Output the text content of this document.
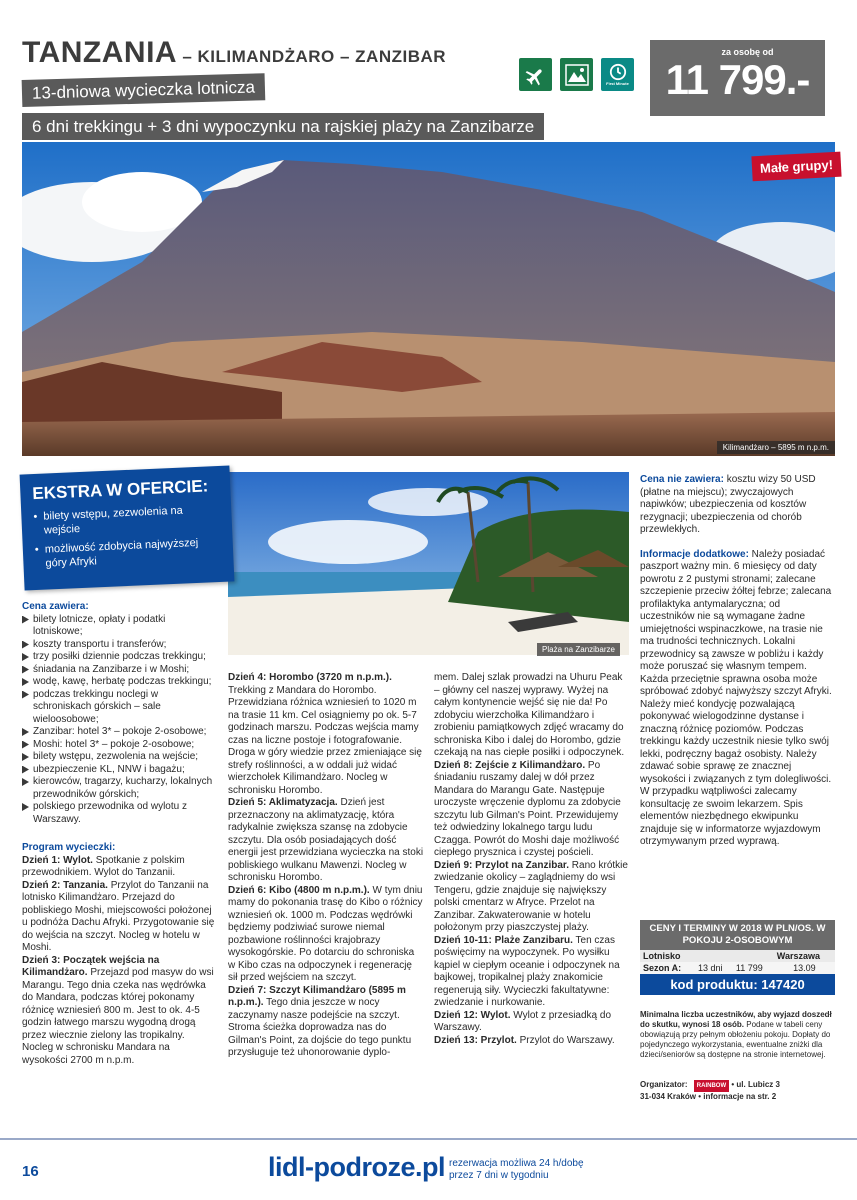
TANZANIA – KILIMANDŻARO – ZANZIBAR
13-dniowa wycieczka lotnicza
6 dni trekkingu + 3 dni wypoczynku na rajskiej plaży na Zanzibarze
First Minute
za osobę od
11 799.-
Małe grupy!
Kilimandżaro – 5895 m n.p.m.
Plaża na Zanzibarze
EKSTRA W OFERCIE:
• bilety wstępu, zezwolenia na wejście
• możliwość zdobycia najwyższej góry Afryki

Cena zawiera:

bilety lotnicze, opłaty i podatki lotniskowe;
koszty transportu i transferów;
trzy posiłki dziennie podczas trekkingu;
śniadania na Zanzibarze i w Moshi;
wodę, kawę, herbatę podczas trekkingu;
podczas trekkingu noclegi w schroniskach górskich – sale wieloosobowe;
Zanzibar: hotel 3* – pokoje 2-osobowe;
Moshi: hotel 3* – pokoje 2-osobowe;
bilety wstępu, zezwolenia na wejście;
ubezpieczenie KL, NNW i bagażu;
kierowców, tragarzy, kucharzy, lokalnych przewodników górskich;
polskiego przewodnika od wylotu z Warszawy.

Program wycieczki:

Dzień 1: Wylot. Spotkanie z polskim przewodnikiem. Wylot do Tanzanii.

Dzień 2: Tanzania. Przylot do Tanzanii na lotnisko Kilimandżaro. Przejazd do pobliskiego Moshi, miejscowości położonej u podnóża Dachu Afryki. Przygotowanie się do wejścia na szczyt. Nocleg w hotelu w Moshi.

Dzień 3: Początek wejścia na Kilimandżaro. Przejazd pod masyw do wsi Marangu. Tego dnia czeka nas wędrówka do Mandara, podczas której pokonamy różnicę wzniesień 800 m. Jest to ok. 4-5 godzin łatwego marszu wygodną drogą przez wiecznie zielony las tropikalny. Nocleg w schronisku Mandara na wysokości 2700 m n.p.m.

Dzień 4: Horombo (3720 m n.p.m.). Trekking z Mandara do Horombo. Przewidziana różnica wzniesień to 1020 m na trasie 11 km. Cel osiągniemy po ok. 5-7 godzinach marszu. Podczas wejścia mamy czas na liczne postoje i fotografowanie. Droga w góry wiedzie przez zmieniające się strefy roślinności, a w oddali już widać wierzchołek Kilimandżaro. Nocleg w schronisku Horombo.

Dzień 5: Aklimatyzacja. Dzień jest przeznaczony na aklimatyzację, która radykalnie zwiększa szansę na zdobycie szczytu. Dla osób posiadających dość energii jest przewidziana wycieczka na stoki pobliskiego wulkanu Mawenzi. Nocleg w schronisku Horombo.

Dzień 6: Kibo (4800 m n.p.m.). W tym dniu mamy do pokonania trasę do Kibo o różnicy wzniesień ok. 1000 m. Podczas wędrówki będziemy podziwiać surowe niemal pozbawione roślinności krajobrazy wysokogórskie. Po dotarciu do schroniska w Kibo czas na odpoczynek i regenerację sił przed wejściem na szczyt.

Dzień 7: Szczyt Kilimandżaro (5895 m n.p.m.). Tego dnia jeszcze w nocy zaczynamy nasze podejście na szczyt. Stroma ścieżka doprowadza nas do Gilman's Point, za dojście do tego punktu przysługuje też uhonorowanie dyplo-

mem. Dalej szlak prowadzi na Uhuru Peak – główny cel naszej wyprawy. Wyżej na całym kontynencie wejść się nie da! Po zdobyciu wierzchołka Kilimandżaro i zrobieniu pamiątkowych zdjęć wracamy do schroniska Kibo i dalej do Horombo, gdzie czekają na nas ciepłe posiłki i odpoczynek.

Dzień 8: Zejście z Kilimandżaro. Po śniadaniu ruszamy dalej w dół przez Mandara do Marangu Gate. Następuje uroczyste wręczenie dyplomu za zdobycie szczytu lub Gilman's Point. Przewidujemy też odwiedziny lokalnego targu ludu Czagga. Powrót do Moshi daje możliwość ciepłego prysznica i czystej pościeli.

Dzień 9: Przylot na Zanzibar. Rano krótkie zwiedzanie okolicy – zaglądniemy do wsi Tengeru, gdzie znajduje się największy polski cmentarz w Afryce. Przelot na Zanzibar. Zakwaterowanie w hotelu położonym przy piaszczystej plaży.

Dzień 10-11: Plaże Zanzibaru. Ten czas poświęcimy na wypoczynek. Po wysiłku kąpiel w ciepłym oceanie i odpoczynek na bajkowej, tropikalnej plaży znakomicie regenerują siły. Wycieczki fakultatywne: zwiedzanie i nurkowanie.

Dzień 12: Wylot. Wylot z przesiadką do Warszawy.

Dzień 13: Przylot. Przylot do Warszawy.

Cena nie zawiera: kosztu wizy 50 USD (płatne na miejscu); zwyczajowych napiwków; ubezpieczenia od kosztów rezygnacji; ubezpieczenia od chorób przewlekłych.

Informacje dodatkowe: Należy posiadać paszport ważny min. 6 miesięcy od daty powrotu z 2 pustymi stronami; zalecane szczepienie przeciw żółtej febrze; zalecana profilaktyka antymalaryczna; od uczestników nie są wymagane żadne umiejętności wspinaczkowe, na trasie nie ma trudności technicznych. Lokalni przewodnicy są zawsze w pobliżu i każdy może poruszać się własnym tempem. Każda przeciętnie sprawna osoba może spróbować zdobyć najwyższy szczyt Afryki. Należy mieć kondycję pozwalającą pokonywać wielogodzinne dystanse i znaczną różnicę poziomów. Podczas trekkingu każdy uczestnik niesie tylko swój lekki, podręczny bagaż osobisty. Należy zdawać sobie sprawę ze znacznej wysokości i związanych z tym dolegliwości. W przypadku wątpliwości zalecamy konsultację ze swoim lekarzem. Spis elementów niezbędnego ekwipunku znajduje się w informatorze wyjazdowym otrzymywanym przed wyprawą.

CENY I TERMINY W 2018 W PLN/OS. W POKOJU 2-OSOBOWYM
Lotnisko			Warszawa
Sezon A:	13 dni	11 799	13.09
kod produktu: 147420
Minimalna liczba uczestników, aby wyjazd doszedł do skutku, wynosi 18 osób. Podane w tabeli ceny obowiązują przy pełnym obłożeniu pokoju. Dopłaty do pojedynczego wykorzystania, ewentualne zniżki dla dzieci/seniorów są dostępne na stronie internetowej.
Organizator: RAINBOW • ul. Lubicz 3
31-034 Kraków • informacje na str. 2
16	lidl-podroze.pl rezerwacja możliwa 24 h/dobę
przez 7 dni w tygodniu
